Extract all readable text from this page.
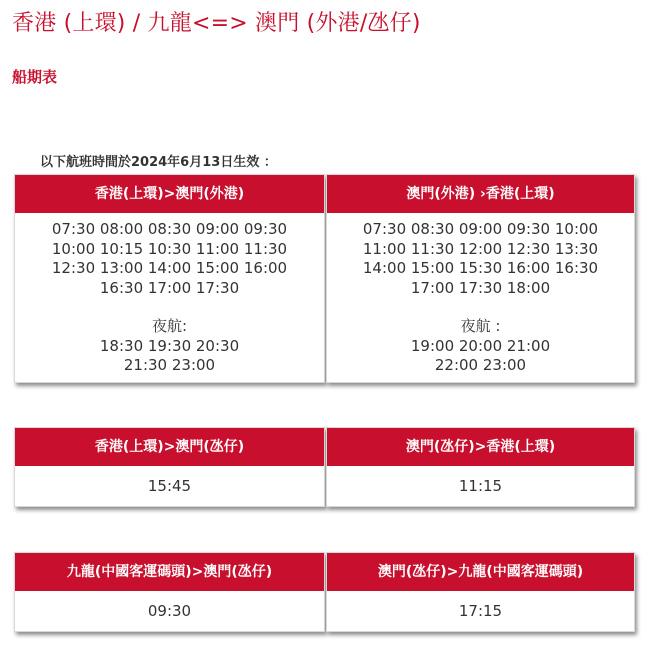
香港 (上環) / 九龍<=> 澳門 (外港/氹仔)
船期表
以下航班時間於2024年6月13日生效 ：
香港(上環)>澳門(外港)
07:30 08:00 08:30 09:00 09:30
10:00 10:15 10:30 11:00 11:30
12:30 13:00 14:00 15:00 16:00
16:30 17:00 17:30
夜航:
18:30 19:30 20:30
21:30 23:00
澳門(外港) ›香港(上環)
07:30 08:30 09:00 09:30 10:00
11:00 11:30 12:00 12:30 13:30
14:00 15:00 15:30 16:00 16:30
17:00 17:30 18:00
夜航 :
19:00 20:00 21:00
22:00 23:00
香港(上環)>澳門(氹仔)
15:45
澳門(氹仔)>香港(上環)
11:15
九龍(中國客運碼頭)>澳門(氹仔)
09:30
澳門(氹仔)>九龍(中國客運碼頭)
17:15
